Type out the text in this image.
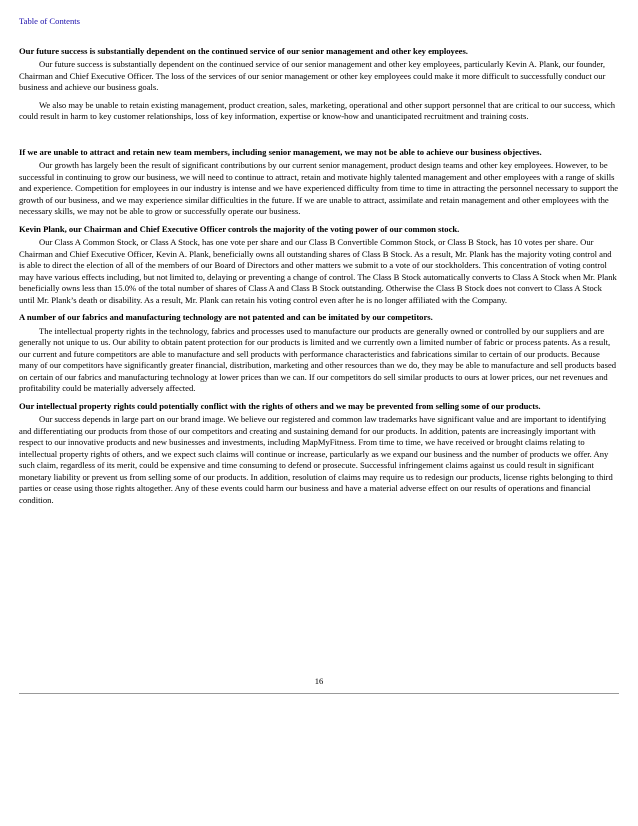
Table of Contents

Our future success is substantially dependent on the continued service of our senior management and other key employees.

Our future success is substantially dependent on the continued service of our senior management and other key employees, particularly Kevin A. Plank, our founder, Chairman and Chief Executive Officer. The loss of the services of our senior management or other key employees could make it more difficult to successfully conduct our business and achieve our business goals.

We also may be unable to retain existing management, product creation, sales, marketing, operational and other support personnel that are critical to our success, which could result in harm to key customer relationships, loss of key information, expertise or know-how and unanticipated recruitment and training costs.

If we are unable to attract and retain new team members, including senior management, we may not be able to achieve our business objectives.

Our growth has largely been the result of significant contributions by our current senior management, product design teams and other key employees. However, to be successful in continuing to grow our business, we will need to continue to attract, retain and motivate highly talented management and other employees with a range of skills and experience. Competition for employees in our industry is intense and we have experienced difficulty from time to time in attracting the personnel necessary to support the growth of our business, and we may experience similar difficulties in the future. If we are unable to attract, assimilate and retain management and other employees with the necessary skills, we may not be able to grow or successfully operate our business.

Kevin Plank, our Chairman and Chief Executive Officer controls the majority of the voting power of our common stock.

Our Class A Common Stock, or Class A Stock, has one vote per share and our Class B Convertible Common Stock, or Class B Stock, has 10 votes per share. Our Chairman and Chief Executive Officer, Kevin A. Plank, beneficially owns all outstanding shares of Class B Stock. As a result, Mr. Plank has the majority voting control and is able to direct the election of all of the members of our Board of Directors and other matters we submit to a vote of our stockholders. This concentration of voting control may have various effects including, but not limited to, delaying or preventing a change of control. The Class B Stock automatically converts to Class A Stock when Mr. Plank beneficially owns less than 15.0% of the total number of shares of Class A and Class B Stock outstanding. Otherwise the Class B Stock does not convert to Class A Stock until Mr. Plank’s death or disability. As a result, Mr. Plank can retain his voting control even after he is no longer affiliated with the Company.

A number of our fabrics and manufacturing technology are not patented and can be imitated by our competitors.

The intellectual property rights in the technology, fabrics and processes used to manufacture our products are generally owned or controlled by our suppliers and are generally not unique to us. Our ability to obtain patent protection for our products is limited and we currently own a limited number of fabric or process patents. As a result, our current and future competitors are able to manufacture and sell products with performance characteristics and fabrications similar to certain of our products. Because many of our competitors have significantly greater financial, distribution, marketing and other resources than we do, they may be able to manufacture and sell products based on certain of our fabrics and manufacturing technology at lower prices than we can. If our competitors do sell similar products to ours at lower prices, our net revenues and profitability could be materially adversely affected.

Our intellectual property rights could potentially conflict with the rights of others and we may be prevented from selling some of our products.

Our success depends in large part on our brand image. We believe our registered and common law trademarks have significant value and are important to identifying and differentiating our products from those of our competitors and creating and sustaining demand for our products. In addition, patents are increasingly important with respect to our innovative products and new businesses and investments, including MapMyFitness. From time to time, we have received or brought claims relating to intellectual property rights of others, and we expect such claims will continue or increase, particularly as we expand our business and the number of products we offer. Any such claim, regardless of its merit, could be expensive and time consuming to defend or prosecute. Successful infringement claims against us could result in significant monetary liability or prevent us from selling some of our products. In addition, resolution of claims may require us to redesign our products, license rights belonging to third parties or cease using those rights altogether. Any of these events could harm our business and have a material adverse effect on our results of operations and financial condition.

16
